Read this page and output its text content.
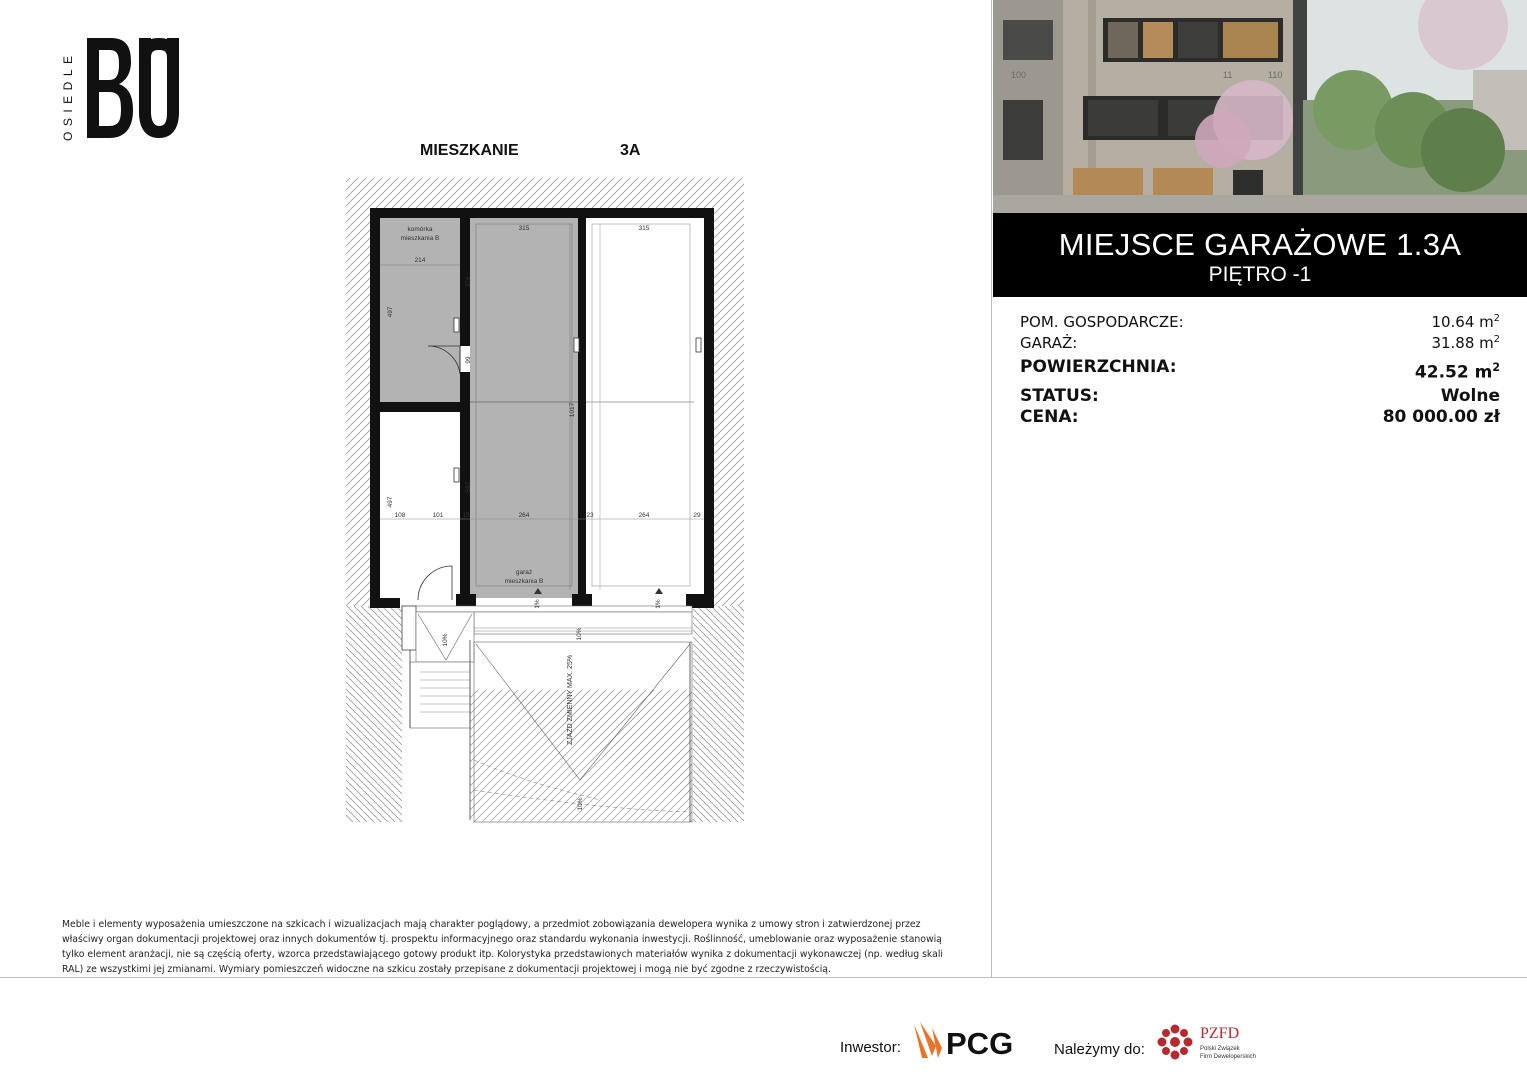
OSIEDLE
MIESZKANIE	3A
komórka
mieszkania B
garaż
mieszkania B
214
315	315
108	101	15	264	23	264	29
497
376
99
1017
497
587
1%	1%
10%	10%
10%
ZJAZD ZMIENNY MAX. 25%
100	11	110
MIEJSCE GARAŻOWE 1.3A
PIĘTRO -1
POM. GOSPODARCZE:	10.64 $m^2$
GARAŻ:	31.88 $m^2$
POWIERZCHNIA:	42.52 $m^2$
STATUS:	Wolne
CENA:	80 000.00 zł
Meble i elementy wyposażenia umieszczone na szkicach i wizualizacjach mają charakter poglądowy, a przedmiot zobowiązania dewelopera wynika z umowy stron i zatwierdzonej przez właściwy organ dokumentacji projektowej oraz innych dokumentów tj. prospektu informacyjnego oraz standardu wykonania inwestycji. Roślinność, umeblowanie oraz wyposażenie stanowią tylko element aranżacji, nie są częścią oferty, wzorca przedstawiającego gotowy produkt itp. Kolorystyka przedstawionych materiałów wynika z dokumentacji wykonawczej (np. według skali RAL) ze wszystkimi jej zmianami. Wymiary pomieszczeń widoczne na szkicu zostały przepisane z dokumentacji projektowej i mogą nie być zgodne z rzeczywistością.
Inwestor: PCG	Należymy do:
PZFD
Polski Związek
Firm Deweloperskich
